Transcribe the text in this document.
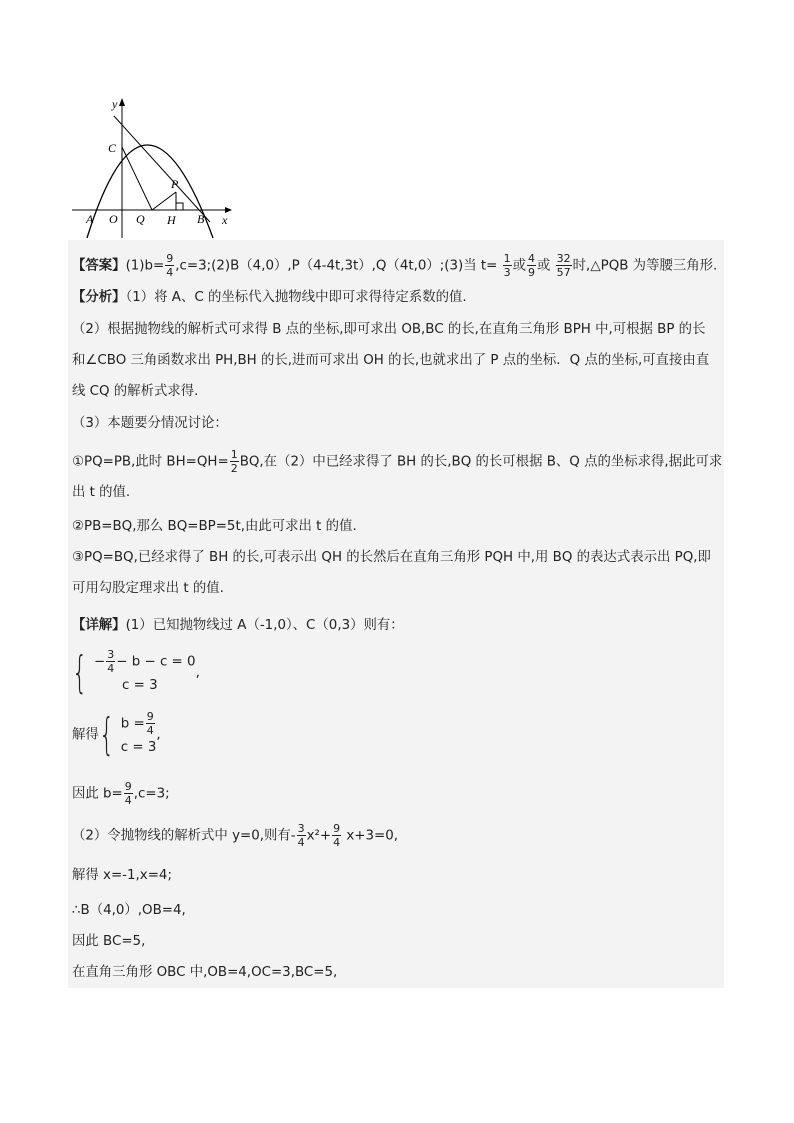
y
x
C
A O Q H B
P
【答案】$(1)b= \frac{9}{4}$ ,c=3;(2)B（4,0）,P（4-4t,3t）,Q（4t,0）;(3)当 $t= \frac{1}{3}$ 或 $\frac{4}{9}$ 或 $\frac{32}{57}$ 时,△PQB 为等腰三角形.
【分析】（1）将 A、C 的坐标代入抛物线中即可求得待定系数的值.
（2）根据抛物线的解析式可求得 B 点的坐标,即可求出 OB,BC 的长,在直角三角形 BPH 中,可根据 BP 的长
和∠CBO 三角函数求出 PH,BH 的长,进而可求出 OH 的长,也就求出了 P 点的坐标．Q 点的坐标,可直接由直
线 CQ 的解析式求得.
（3）本题要分情况讨论：
①PQ=PB,此时 $BH=QH= \frac{1}{2}$ BQ,在（2）中已经求得了 BH 的长,BQ 的长可根据 B、Q 点的坐标求得,据此可求
出 t 的值.
②PB=BQ,那么 BQ=BP=5t,由此可求出 t 的值.
③PQ=BQ,已经求得了 BH 的长,可表示出 QH 的长然后在直角三角形 PQH 中,用 BQ 的表达式表示出 PQ,即
可用勾股定理求出 t 的值.
【详解】(1）已知抛物线过 A（-1,0）、C（0,3）则有：
{ − $\frac{3}{4} - b - c = 0$
c = 3
,
解得{ $b = \frac{9}{4}$
c = 3
,
因此 $b= \frac{9}{4} ,c=3$;
（2）令抛物线的解析式中 y=0,则有- $\frac{3}{4} x^2+ \frac{9}{4} x+3=0$,
解得 x=-1,x=4;
∴B（4,0）,OB=4,
因此 BC=5,
在直角三角形 OBC 中,OB=4,OC=3,BC=5,
